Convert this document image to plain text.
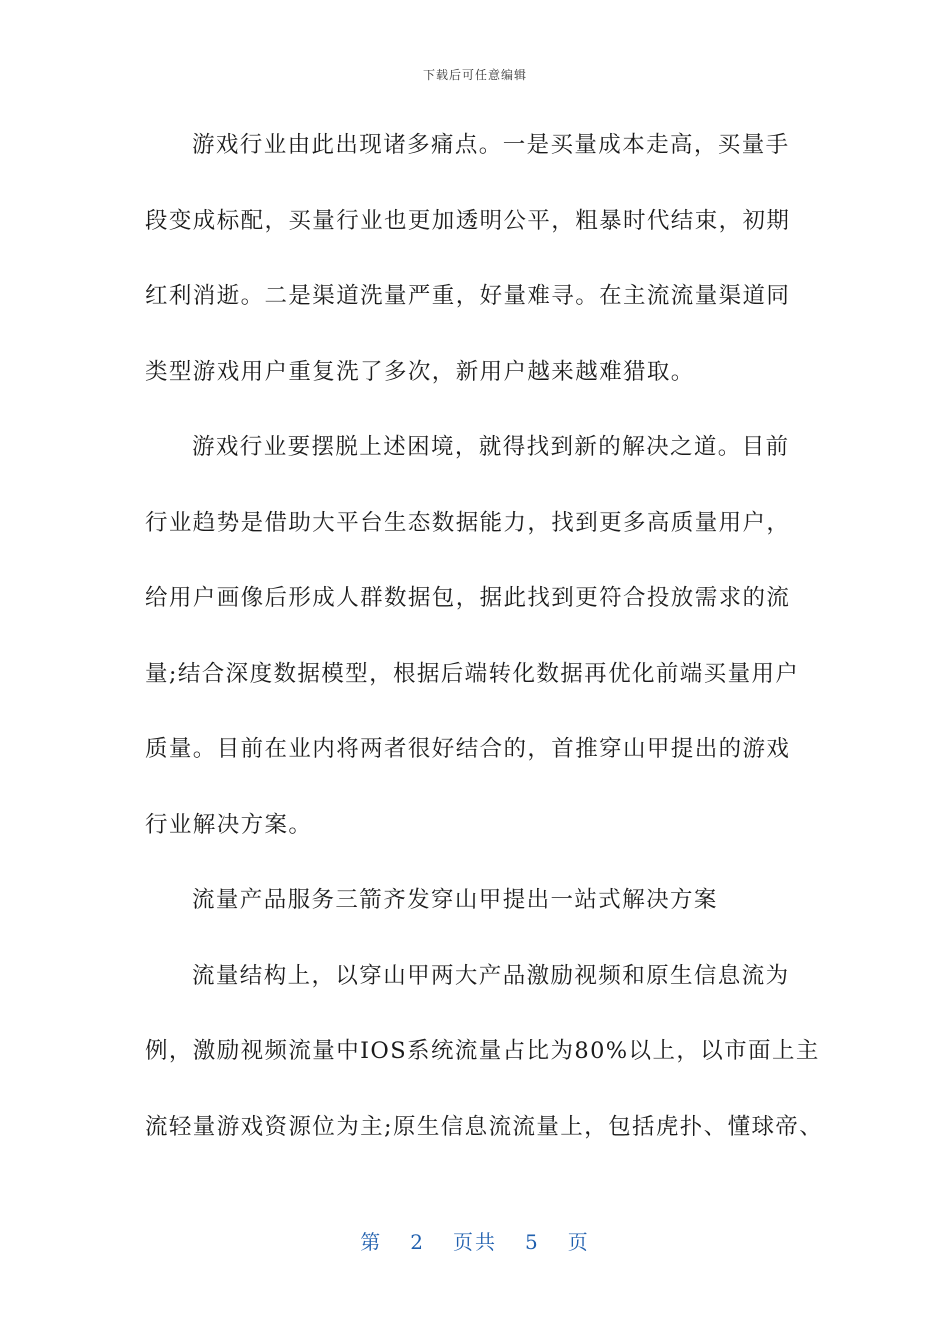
下载后可任意编辑
游戏行业由此出现诸多痛点。一是买量成本走高，买量手
段变成标配，买量行业也更加透明公平，粗暴时代结束，初期
红利消逝。二是渠道洗量严重，好量难寻。在主流流量渠道同
类型游戏用户重复洗了多次，新用户越来越难猎取。
游戏行业要摆脱上述困境，就得找到新的解决之道。目前
行业趋势是借助大平台生态数据能力，找到更多高质量用户，
给用户画像后形成人群数据包，据此找到更符合投放需求的流
量;结合深度数据模型，根据后端转化数据再优化前端买量用户
质量。目前在业内将两者很好结合的，首推穿山甲提出的游戏
行业解决方案。
流量产品服务三箭齐发穿山甲提出一站式解决方案
流量结构上，以穿山甲两大产品激励视频和原生信息流为
例，激励视频流量中IOS系统流量占比为80%以上，以市面上主
流轻量游戏资源位为主;原生信息流流量上，包括虎扑、懂球帝、
第 2 页共 5 页
